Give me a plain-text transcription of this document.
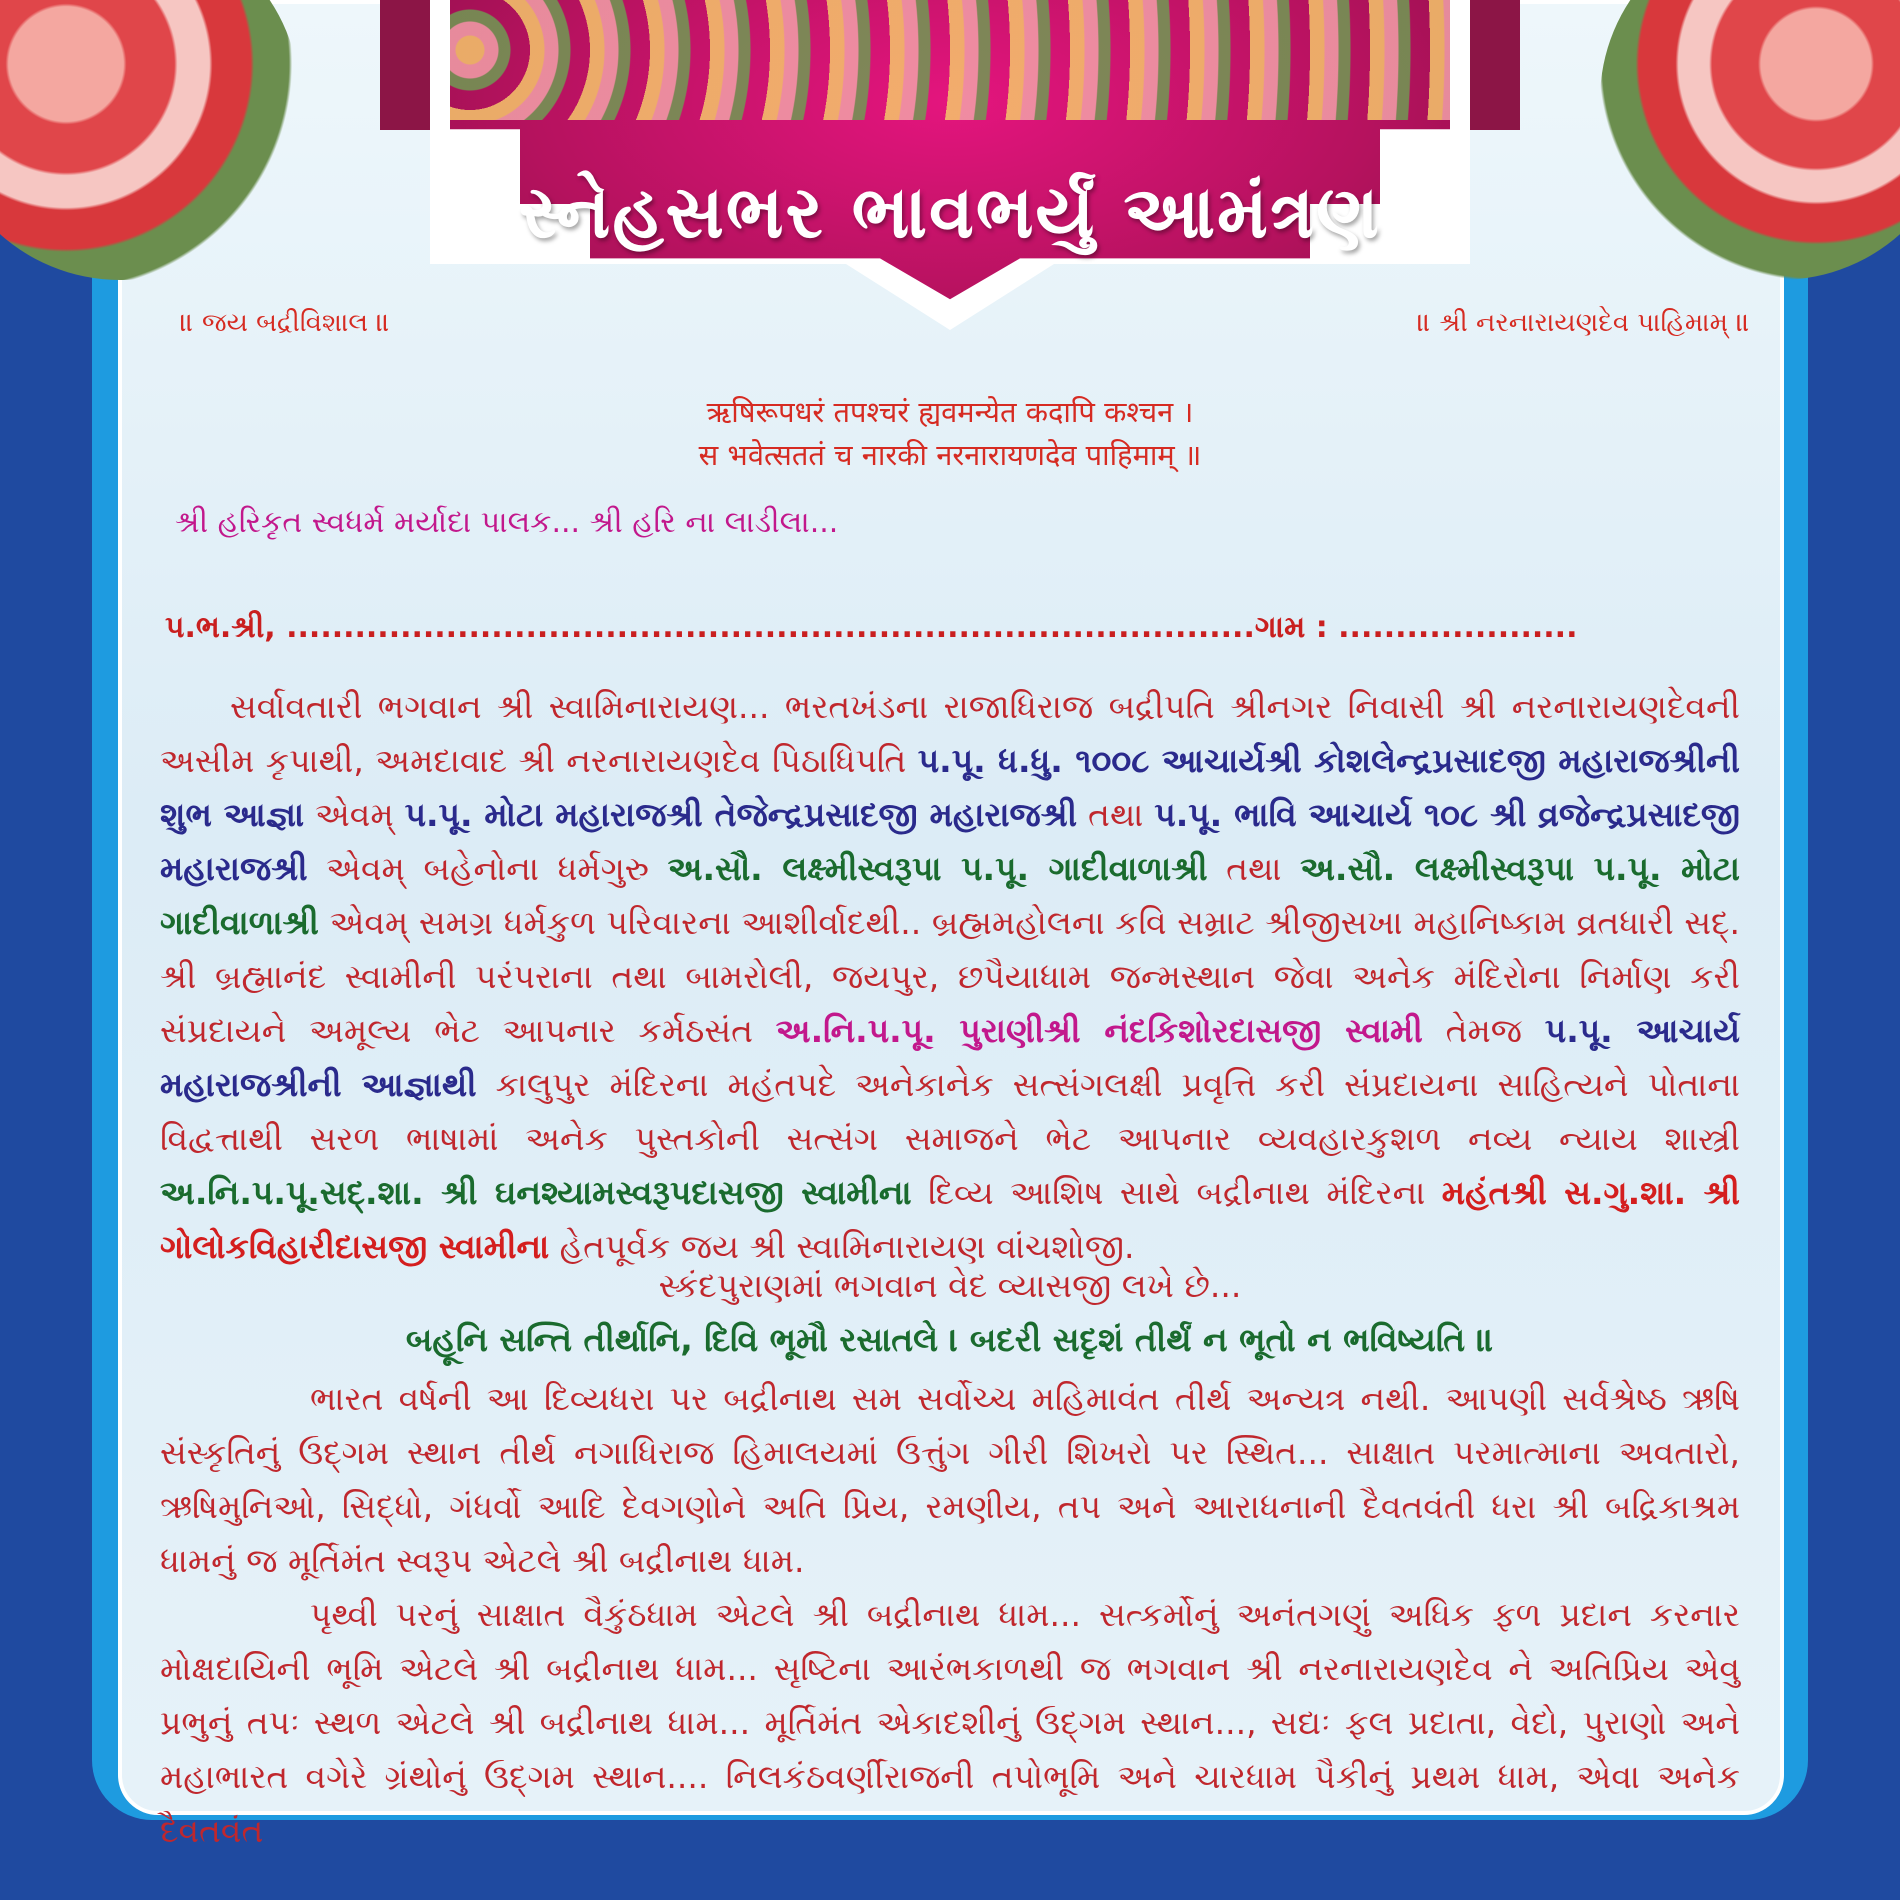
સ્નેહસભર ભાવભર્યું આમંત્રણ
॥ જય બદ્રીવિશાલ ॥	॥ શ્રી નરનારાયણદેવ પાહિમામ્ ॥
ऋषिरूपधरं तपश्चरं ह्यवमन्येत कदापि कश्चन ।
स भवेत्सततं च नारकी नरनारायणदेव पाहिमाम् ॥
શ્રી હરિકૃત સ્વધર્મ મર્યાદા પાલક... શ્રી હરિ ના લાડીલા...
પ.ભ.શ્રી, .....................................................................................ગામ : .....................
સર્વાવતારી ભગવાન શ્રી સ્વામિનારાયણ... ભરતખંડના રાજાધિરાજ બદ્રીપતિ શ્રીનગર નિવાસી શ્રી નરનારાયણદેવની અસીમ કૃપાથી, અમદાવાદ શ્રી નરનારાયણદેવ પિઠાધિપતિ પ.પૂ. ધ.ધુ. ૧૦૦૮ આચાર્યશ્રી કોશલેન્દ્રપ્રસાદજી મહારાજશ્રીની શુભ આજ્ઞા એવમ્ પ.પૂ. મોટા મહારાજશ્રી તેજેન્દ્રપ્રસાદજી મહારાજશ્રી તથા પ.પૂ. ભાવિ આચાર્ય ૧૦૮ શ્રી વ્રજેન્દ્રપ્રસાદજી મહારાજશ્રી એવમ્ બહેનોના ધર્મગુરુ અ.સૌ. લક્ષ્મીસ્વરૂપા પ.પૂ. ગાદીવાળાશ્રી તથા અ.સૌ. લક્ષ્મીસ્વરૂપા પ.પૂ. મોટા ગાદીવાળાશ્રી એવમ્ સમગ્ર ધર્મકુળ પરિવારના આશીર્વાદથી.. બ્રહ્મમહોલના કવિ સમ્રાટ શ્રીજીસખા મહાનિષ્કામ વ્રતધારી સદ્. શ્રી બ્રહ્માનંદ સ્વામીની પરંપરાના તથા બામરોલી, જયપુર, છપૈયાધામ જન્મસ્થાન જેવા અનેક મંદિરોના નિર્માણ કરી સંપ્રદાયને અમૂલ્ય ભેટ આપનાર કર્મઠસંત અ.નિ.પ.પૂ. પુરાણીશ્રી નંદકિશોરદાસજી સ્વામી તેમજ પ.પૂ. આચાર્ય મહારાજશ્રીની આજ્ઞાથી કાલુપુર મંદિરના મહંતપદે અનેકાનેક સત્સંગલક્ષી પ્રવૃત્તિ કરી સંપ્રદાયના સાહિત્યને પોતાના વિદ્વત્તાથી સરળ ભાષામાં અનેક પુસ્તકોની સત્સંગ સમાજને ભેટ આપનાર વ્યવહારકુશળ નવ્ય ન્યાય શાસ્ત્રી અ.નિ.પ.પૂ.સદ્.શા. શ્રી ઘનશ્યામસ્વરૂપદાસજી સ્વામીના દિવ્ય આશિષ સાથે બદ્રીનાથ મંદિરના મહંતશ્રી સ.ગુ.શા. શ્રી ગોલોકવિહારીદાસજી સ્વામીના હેતપૂર્વક જય શ્રી સ્વામિનારાયણ વાંચશોજી.
સ્કંદપુરાણમાં ભગવાન વેદ વ્યાસજી લખે છે...
બહૂનિ સન્તિ તીર્થાનિ, દિવિ ભૂમૌ રસાતલે । બદરી સદૃશં તીર્થં ન ભૂતો ન ભવિષ્યતિ ॥
ભારત વર્ષની આ દિવ્યધરા પર બદ્રીનાથ સમ સર્વોચ્ચ મહિમાવંત તીર્થ અન્યત્ર નથી. આપણી સર્વશ્રેષ્ઠ ઋષિ સંસ્કૃતિનું ઉદ્ગમ સ્થાન તીર્થ નગાધિરાજ હિમાલયમાં ઉત્તુંગ ગીરી શિખરો પર સ્થિત... સાક્ષાત પરમાત્માના અવતારો, ઋષિમુનિઓ, સિદ્ધો, ગંધર્વો આદિ દેવગણોને અતિ પ્રિય, રમણીય, તપ અને આરાધનાની દૈવતવંતી ધરા શ્રી બદ્રિકાશ્રમ ધામનું જ મૂર્તિમંત સ્વરૂપ એટલે શ્રી બદ્રીનાથ ધામ.
પૃથ્વી પરનું સાક્ષાત વૈકુંઠધામ એટલે શ્રી બદ્રીનાથ ધામ... સત્કર્મોનું અનંતગણું અધિક ફળ પ્રદાન કરનાર મોક્ષદાયિની ભૂમિ એટલે શ્રી બદ્રીનાથ ધામ... સૃષ્ટિના આરંભકાળથી જ ભગવાન શ્રી નરનારાયણદેવ ને અતિપ્રિય એવુ પ્રભુનું તપઃ સ્થળ એટલે શ્રી બદ્રીનાથ ધામ... મૂર્તિમંત એકાદશીનું ઉદ્ગમ સ્થાન..., સદ્યઃ ફલ પ્રદાતા, વેદો, પુરાણો અને મહાભારત વગેરે ગ્રંથોનું ઉદ્ગમ સ્થાન.... નિલકંઠવર્ણીરાજની તપોભૂમિ અને ચારધામ પૈકીનું પ્રથમ ધામ, એવા અનેક દૈવતવંત
